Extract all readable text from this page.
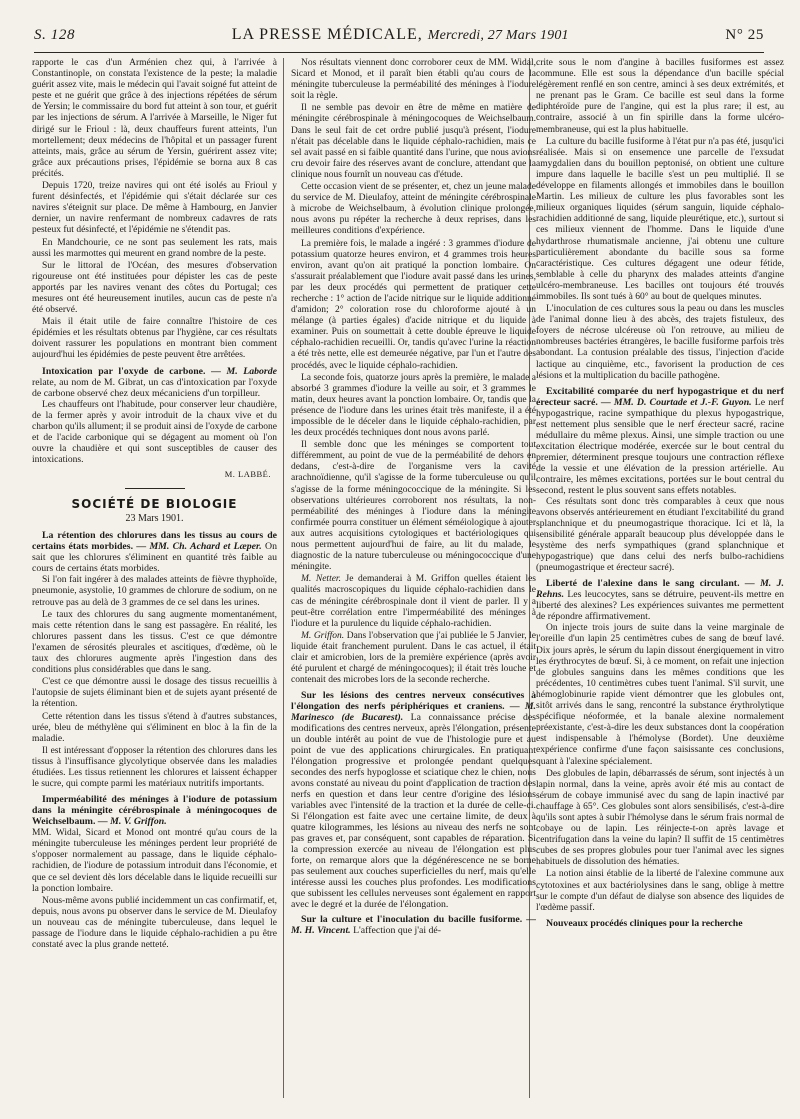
S. 128	LA PRESSE MÉDICALE, Mercredi, 27 Mars 1901	N° 25

rapporte le cas d'un Arménien chez qui, à l'arrivée à Constantinople, on constata l'existence de la peste; la maladie guérit assez vite, mais le médecin qui l'avait soigné fut atteint de peste et ne guérit que grâce à des injections répétées de sérum de Yersin; le commissaire du bord fut atteint à son tour, et guérit par les injections de sérum. A l'arrivée à Marseille, le Niger fut dirigé sur le Frioul : là, deux chauffeurs furent atteints, l'un mortellement; deux médecins de l'hôpital et un passager furent atteints, mais, grâce au sérum de Yersin, guérirent assez vite; grâce aux précautions prises, l'épidémie se borna aux 8 cas précités.

Depuis 1720, treize navires qui ont été isolés au Frioul y furent désinfectés, et l'épidémie qui s'était déclarée sur ces navires s'éteignit sur place. De même à Hambourg, en Janvier dernier, un navire renfermant de nombreux cadavres de rats pesteux fut désinfecté, et l'épidémie ne s'étendit pas.

En Mandchourie, ce ne sont pas seulement les rats, mais aussi les marmottes qui meurent en grand nombre de la peste.

Sur le littoral de l'Océan, des mesures d'observation rigoureuse ont été instituées pour dépister les cas de peste apportés par les navires venant des côtes du Portugal; ces mesures ont été heureusement inutiles, aucun cas de peste n'a été observé.

Mais il était utile de faire connaître l'histoire de ces épidémies et les résultats obtenus par l'hygiène, car ces résultats doivent rassurer les populations en montrant bien comment aujourd'hui les épidémies de peste peuvent être arrêtées.

Intoxication par l'oxyde de carbone. — M. Laborde relate, au nom de M. Gibrat, un cas d'intoxication par l'oxyde de carbone observé chez deux mécaniciens d'un torpilleur.

Les chauffeurs ont l'habitude, pour conserver leur chaudière, de la fermer après y avoir introduit de la chaux vive et du charbon qu'ils allument; il se produit ainsi de l'oxyde de carbone et de l'acide carbonique qui se dégagent au moment où l'on ouvre la chaudière et qui sont susceptibles de causer des intoxications.

M. LABBÉ.

SOCIÉTÉ DE BIOLOGIE

23 Mars 1901.

La rétention des chlorures dans les tissus au cours de certains états morbides. — MM. Ch. Achard et Læper. On sait que les chlorures s'éliminent en quantité très faible au cours de certains états morbides.

Si l'on fait ingérer à des malades atteints de fièvre thyphoïde, pneumonie, asystolie, 10 grammes de chlorure de sodium, on ne retrouve pas au delà de 3 grammes de ce sel dans les urines.

Le taux des chlorures du sang augmente momentanément, mais cette rétention dans le sang est passagère. En réalité, les chlorures passent dans les tissus. C'est ce que démontre l'examen de sérosités pleurales et ascitiques, d'œdème, où le taux des chlorures augmente après l'ingestion dans des conditions plus considérables que dans le sang.

C'est ce que démontre aussi le dosage des tissus recueillis à l'autopsie de sujets éliminant bien et de sujets ayant présenté de la rétention.

Cette rétention dans les tissus s'étend à d'autres substances, urée, bleu de méthylène qui s'éliminent en bloc à la fin de la maladie.

Il est intéressant d'opposer la rétention des chlorures dans les tissus à l'insuffisance glycolytique observée dans les maladies étudiées. Les tissus retiennent les chlorures et laissent échapper le sucre, qui compte parmi les matériaux nutritifs importants.

Imperméabilité des méninges à l'iodure de potassium dans la méningite cérébrospinale à méningocoques de Weichselbaum. — M. V. Griffon.

MM. Widal, Sicard et Monod ont montré qu'au cours de la méningite tuberculeuse les méninges perdent leur propriété de s'opposer normalement au passage, dans le liquide céphalo-rachidien, de l'iodure de potassium introduit dans l'économie, et que ce sel devient dès lors décelable dans le liquide recueilli sur la ponction lombaire.

Nous-même avons publié incidemment un cas confirmatif, et, depuis, nous avons pu observer dans le service de M. Dieulafoy un nouveau cas de méningite tuberculeuse, dans lequel le passage de l'iodure dans le liquide céphalo-rachidien a pu être constaté avec la plus grande netteté.

Nos résultats viennent donc corroborer ceux de MM. Widal, Sicard et Monod, et il paraît bien établi qu'au cours de la méningite tuberculeuse la perméabilité des méninges à l'iodure soit la règle.

Il ne semble pas devoir en être de même en matière de méningite cérébrospinale à méningocoques de Weichselbaum. Dans le seul fait de cet ordre publié jusqu'à présent, l'iodure n'était pas décelable dans le liquide céphalo-rachidien, mais ce sel avait passé en si faible quantité dans l'urine, que nous avions cru devoir faire des réserves avant de conclure, attendant que la clinique nous fournît un nouveau cas d'étude.

Cette occasion vient de se présenter, et, chez un jeune malade du service de M. Dieulafoy, atteint de méningite cérébrospinale à microbe de Weichselbaum, à évolution clinique prolongée, nous avons pu répéter la recherche à deux reprises, dans les meilleures conditions d'expérience.

La première fois, le malade a ingéré : 3 grammes d'iodure de potassium quatorze heures environ, et 4 grammes trois heures environ, avant qu'on ait pratiqué la ponction lombaire. On s'assurait préalablement que l'iodure avait passé dans les urines, par les deux procédés qui permettent de pratiquer cette recherche : 1° action de l'acide nitrique sur le liquide additionné d'amidon; 2° coloration rose du chloroforme ajouté à un mélange (à parties égales) d'acide nitrique et du liquide à examiner. Puis on soumettait à cette double épreuve le liquide céphalo-rachidien recueilli. Or, tandis qu'avec l'urine la réaction a été très nette, elle est demeurée négative, par l'un et l'autre des procédés, avec le liquide céphalo-rachidien.

La seconde fois, quatorze jours après la première, le malade a absorbé 3 grammes d'iodure la veille au soir, et 3 grammes le matin, deux heures avant la ponction lombaire. Or, tandis que la présence de l'iodure dans les urines était très manifeste, il a été impossible de le déceler dans le liquide céphalo-rachidien, par les deux procédés techniques dont nous avons parlé.

Il semble donc que les méninges se comportent tout différemment, au point de vue de la perméabilité de dehors en dedans, c'est-à-dire de l'organisme vers la cavité arachnoïdienne, qu'il s'agisse de la forme tuberculeuse ou qu'il s'agisse de la forme méningococcique de la méningite. Si les observations ultérieures corroborent nos résultats, la non-perméabilité des méninges à l'iodure dans la méningite confirmée pourra constituer un élément séméiologique à ajouter aux autres acquisitions cytologiques et bactériologiques qui nous permettent aujourd'hui de faire, au lit du malade, le diagnostic de la nature tuberculeuse ou méningococcique d'une méningite.

M. Netter. Je demanderai à M. Griffon quelles étaient les qualités macroscopiques du liquide céphalo-rachidien dans le cas de méningite cérébrospinale dont il vient de parler. Il y a peut-être corrélation entre l'imperméabilité des méninges à l'iodure et la purulence du liquide céphalo-rachidien.

M. Griffon. Dans l'observation que j'ai publiée le 5 Janvier, le liquide était franchement purulent. Dans le cas actuel, il était clair et amicrobien, lors de la première expérience (après avoir été purulent et chargé de méningocoques); il était très louche et contenait des microbes lors de la seconde recherche.

Sur les lésions des centres nerveux consécutives à l'élongation des nerfs périphériques et craniens. — M. Marinesco (de Bucarest). La connaissance précise des modifications des centres nerveux, après l'élongation, présente un double intérêt au point de vue de l'histologie pure et au point de vue des applications chirurgicales. En pratiquant l'élongation progressive et prolongée pendant quelques secondes des nerfs hypoglosse et sciatique chez le chien, nous avons constaté au niveau du point d'application de traction des nerfs en question et dans leur centre d'origine des lésions variables avec l'intensité de la traction et la durée de celle-ci. Si l'élongation est faite avec une certaine limite, de deux à quatre kilogrammes, les lésions au niveau des nerfs ne sont pas graves et, par conséquent, sont capables de réparation. Si la compression exercée au niveau de l'élongation est plus forte, on remarque alors que la dégénérescence ne se borne pas seulement aux couches superficielles du nerf, mais qu'elle intéresse aussi les couches plus profondes. Les modifications que subissent les cellules nerveuses sont également en rapport avec le degré et la durée de l'élongation.
Sur la culture et l'inoculation du bacille fusiforme. — M. H. Vincent. L'affection que j'ai dé-

crite sous le nom d'angine à bacilles fusiformes est assez commune. Elle est sous la dépendance d'un bacille spécial légèrement renflé en son centre, aminci à ses deux extrémités, et ne prenant pas le Gram. Ce bacille est seul dans la forme diphtéroïde pure de l'angine, qui est la plus rare; il est, au contraire, associé à un fin spirille dans la forme ulcéro-membraneuse, qui est la plus habituelle.

La culture du bacille fusiforme à l'état pur n'a pas été, jusqu'ici réalisée. Mais si on ensemence une parcelle de l'exsudat amygdalien dans du bouillon peptonisé, on obtient une culture impure dans laquelle le bacille s'est un peu multiplié. Il se développe en filaments allongés et immobiles dans le bouillon Martin. Les milieux de culture les plus favorables sont les milieux organiques liquides (sérum sanguin, liquide céphalo-rachidien additionné de sang, liquide pleurétique, etc.), surtout si ces milieux viennent de l'homme. Dans le liquide d'une hydarthrose rhumatismale ancienne, j'ai obtenu une culture particulièrement abondante du bacille sous sa forme caractéristique. Ces cultures dégagent une odeur fétide, semblable à celle du pharynx des malades atteints d'angine ulcéro-membraneuse. Les bacilles ont toujours été trouvés immobiles. Ils sont tués à 60° au bout de quelques minutes.

L'inoculation de ces cultures sous la peau ou dans les muscles de l'animal donne lieu à des abcès, des trajets fistuleux, des foyers de nécrose ulcéreuse où l'on retrouve, au milieu de nombreuses bactéries étrangères, le bacille fusiforme parfois très abondant. La contusion préalable des tissus, l'injection d'acide lactique au cinquième, etc., favorisent la production de ces lésions et la multiplication du bacille pathogène.

Excitabilité comparée du nerf hypogastrique et du nerf érecteur sacré. — MM. D. Courtade et J.-F. Guyon. Le nerf hypogastrique, racine sympathique du plexus hypogastrique, est nettement plus sensible que le nerf érecteur sacré, racine médullaire du même plexus. Ainsi, une simple traction ou une excitation électrique modérée, exercée sur le bout central du premier, déterminent presque toujours une contraction réflexe de la vessie et une élévation de la pression artérielle. Au contraire, les mêmes excitations, portées sur le bout central du second, restent le plus souvent sans effets notables.

Ces résultats sont donc très comparables à ceux que nous avons observés antérieurement en étudiant l'excitabilité du grand splanchnique et du pneumogastrique thoracique. Ici et là, la sensibilité générale apparaît beaucoup plus développée dans le système des nerfs sympathiques (grand splanchnique et hypogastrique) que dans celui des nerfs bulbo-rachidiens (pneumogastrique et érecteur sacré).

Liberté de l'alexine dans le sang circulant. — M. J. Rehns. Les leucocytes, sans se détruire, peuvent-ils mettre en liberté des alexines? Les expériences suivantes me permettent de répondre affirmativement.

On injecte trois jours de suite dans la veine marginale de l'oreille d'un lapin 25 centimètres cubes de sang de bœuf lavé. Dix jours après, le sérum du lapin dissout énergiquement in vitro les érythrocytes de bœuf. Si, à ce moment, on refait une injection de globules sanguins dans les mêmes conditions que les précédentes, 10 centimètres cubes tuent l'animal. S'il survit, une hémoglobinurie rapide vient démontrer que les globules ont, sitôt arrivés dans le sang, rencontré la substance érythrolytique spécifique néoformée, et la banale alexine normalement préexistante, c'est-à-dire les deux substances dont la coopération est indispensable à l'hémolyse (Bordet). Une deuxième expérience confirme d'une façon saisissante ces conclusions, quant à l'alexine spécialement.

Des globules de lapin, débarrassés de sérum, sont injectés à un lapin normal, dans la veine, après avoir été mis au contact de sérum de cobaye immunisé avec du sang de lapin inactivé par chauffage à 65°. Ces globules sont alors sensibilisés, c'est-à-dire qu'ils sont aptes à subir l'hémolyse dans le sérum frais normal de cobaye ou de lapin. Les réinjecte-t-on après lavage et centrifugation dans la veine du lapin? Il suffit de 15 centimètres cubes de ses propres globules pour tuer l'animal avec les signes habituels de dissolution des hématies.

La notion ainsi établie de la liberté de l'alexine commune aux cytotoxines et aux bactériolysines dans le sang, oblige à mettre sur le compte d'un défaut de dialyse son absence des liquides de l'œdème passif.

Nouveaux procédés cliniques pour la recherche
